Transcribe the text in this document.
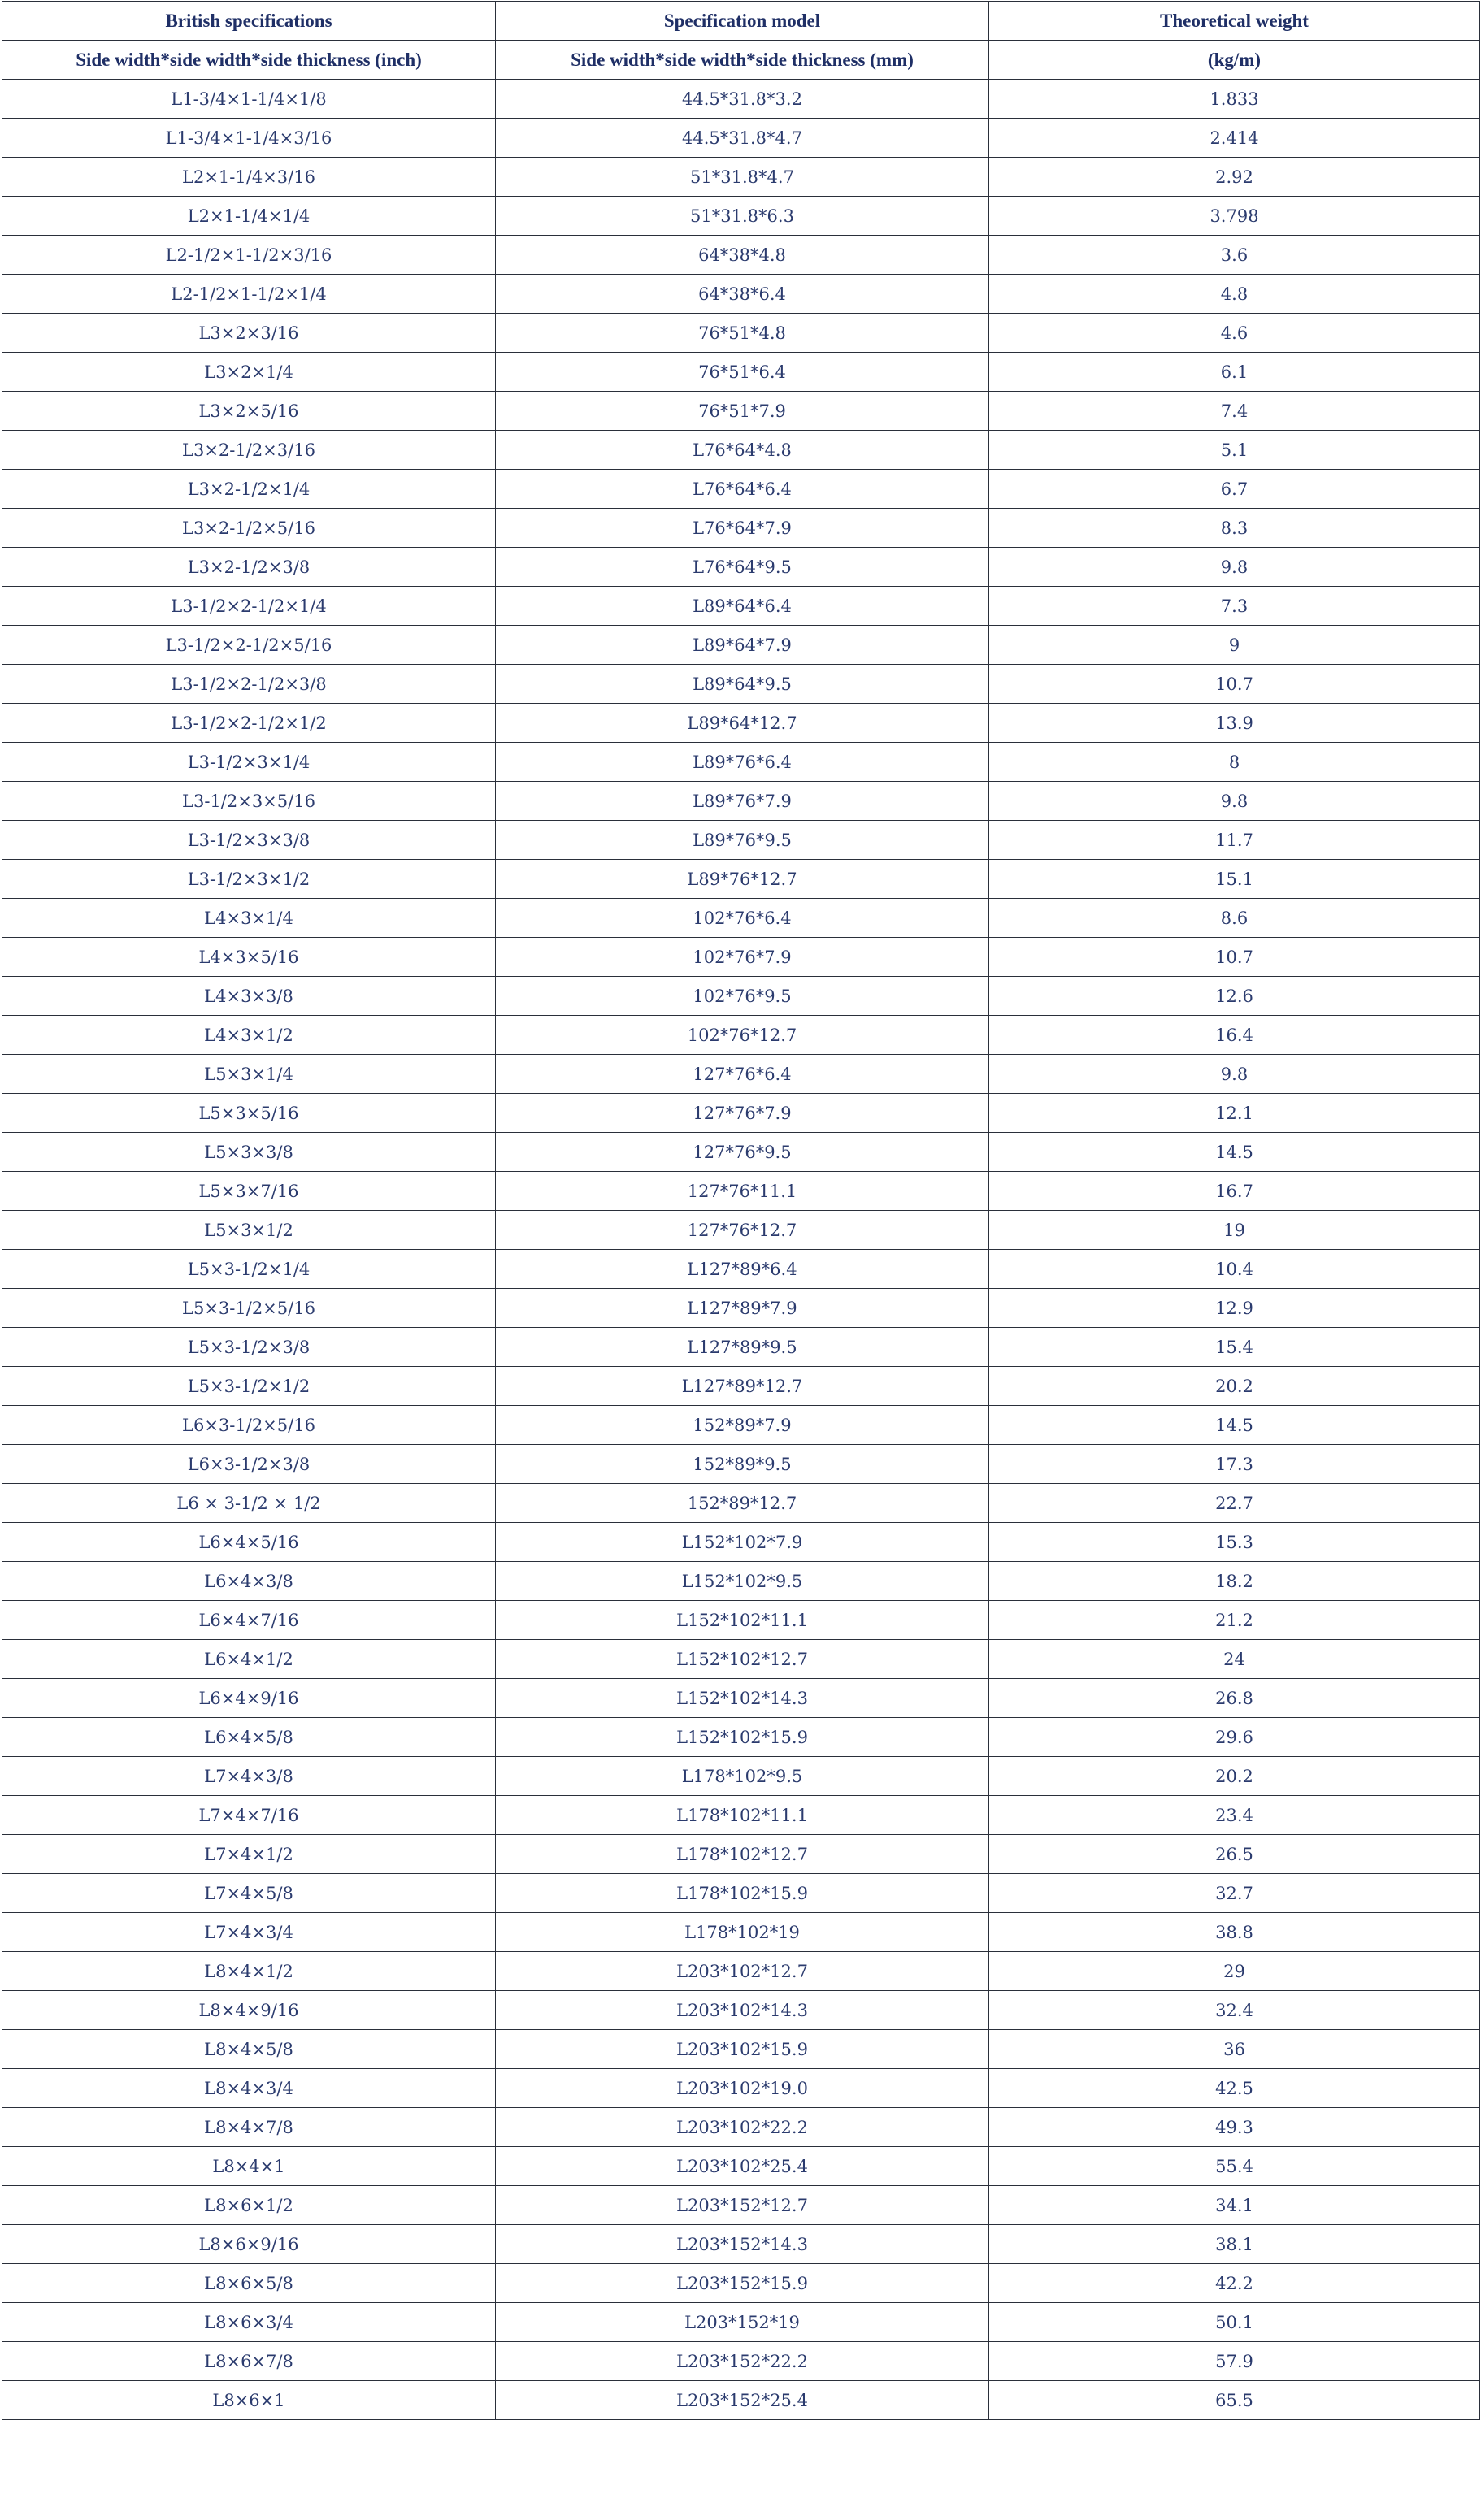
British specifications	Specification model	Theoretical weight
Side width*side width*side thickness (inch)	Side width*side width*side thickness (mm)	(kg/m)
L1-3/4×1-1/4×1/8	44.5*31.8*3.2	1.833
L1-3/4×1-1/4×3/16	44.5*31.8*4.7	2.414
L2×1-1/4×3/16	51*31.8*4.7	2.92
L2×1-1/4×1/4	51*31.8*6.3	3.798
L2-1/2×1-1/2×3/16	64*38*4.8	3.6
L2-1/2×1-1/2×1/4	64*38*6.4	4.8
L3×2×3/16	76*51*4.8	4.6
L3×2×1/4	76*51*6.4	6.1
L3×2×5/16	76*51*7.9	7.4
L3×2-1/2×3/16	L76*64*4.8	5.1
L3×2-1/2×1/4	L76*64*6.4	6.7
L3×2-1/2×5/16	L76*64*7.9	8.3
L3×2-1/2×3/8	L76*64*9.5	9.8
L3-1/2×2-1/2×1/4	L89*64*6.4	7.3
L3-1/2×2-1/2×5/16	L89*64*7.9	9
L3-1/2×2-1/2×3/8	L89*64*9.5	10.7
L3-1/2×2-1/2×1/2	L89*64*12.7	13.9
L3-1/2×3×1/4	L89*76*6.4	8
L3-1/2×3×5/16	L89*76*7.9	9.8
L3-1/2×3×3/8	L89*76*9.5	11.7
L3-1/2×3×1/2	L89*76*12.7	15.1
L4×3×1/4	102*76*6.4	8.6
L4×3×5/16	102*76*7.9	10.7
L4×3×3/8	102*76*9.5	12.6
L4×3×1/2	102*76*12.7	16.4
L5×3×1/4	127*76*6.4	9.8
L5×3×5/16	127*76*7.9	12.1
L5×3×3/8	127*76*9.5	14.5
L5×3×7/16	127*76*11.1	16.7
L5×3×1/2	127*76*12.7	19
L5×3-1/2×1/4	L127*89*6.4	10.4
L5×3-1/2×5/16	L127*89*7.9	12.9
L5×3-1/2×3/8	L127*89*9.5	15.4
L5×3-1/2×1/2	L127*89*12.7	20.2
L6×3-1/2×5/16	152*89*7.9	14.5
L6×3-1/2×3/8	152*89*9.5	17.3
L6 × 3-1/2 × 1/2	152*89*12.7	22.7
L6×4×5/16	L152*102*7.9	15.3
L6×4×3/8	L152*102*9.5	18.2
L6×4×7/16	L152*102*11.1	21.2
L6×4×1/2	L152*102*12.7	24
L6×4×9/16	L152*102*14.3	26.8
L6×4×5/8	L152*102*15.9	29.6
L7×4×3/8	L178*102*9.5	20.2
L7×4×7/16	L178*102*11.1	23.4
L7×4×1/2	L178*102*12.7	26.5
L7×4×5/8	L178*102*15.9	32.7
L7×4×3/4	L178*102*19	38.8
L8×4×1/2	L203*102*12.7	29
L8×4×9/16	L203*102*14.3	32.4
L8×4×5/8	L203*102*15.9	36
L8×4×3/4	L203*102*19.0	42.5
L8×4×7/8	L203*102*22.2	49.3
L8×4×1	L203*102*25.4	55.4
L8×6×1/2	L203*152*12.7	34.1
L8×6×9/16	L203*152*14.3	38.1
L8×6×5/8	L203*152*15.9	42.2
L8×6×3/4	L203*152*19	50.1
L8×6×7/8	L203*152*22.2	57.9
L8×6×1	L203*152*25.4	65.5
